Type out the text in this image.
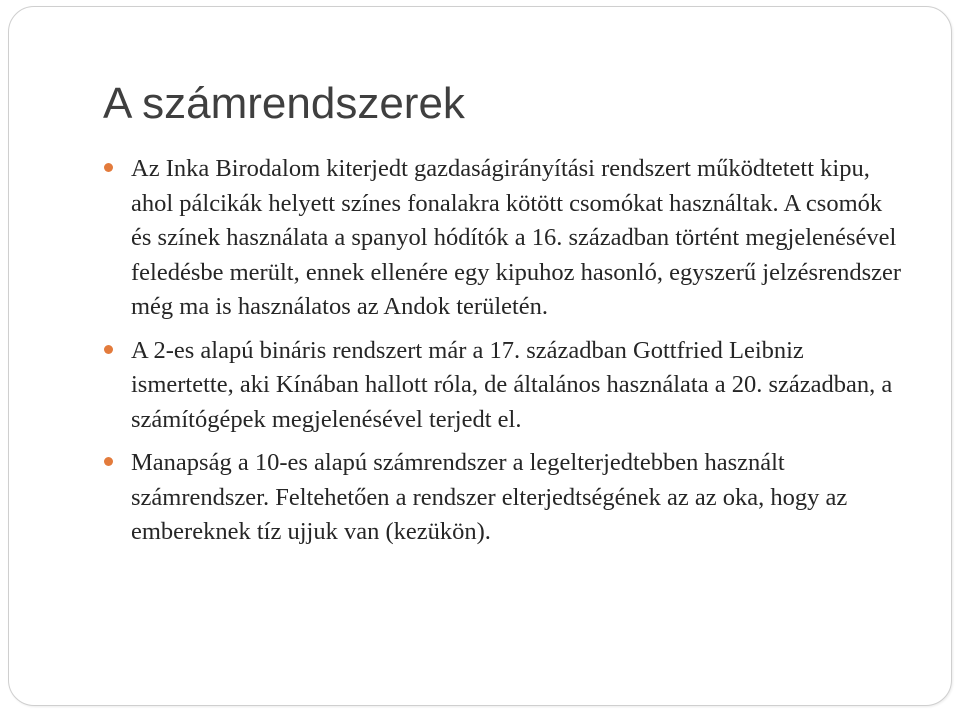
A számrendszerek
Az Inka Birodalom kiterjedt gazdaságirányítási rendszert működtetett kipu, ahol pálcikák helyett színes fonalakra kötött csomókat használtak. A csomók és színek használata a spanyol hódítók a 16. században történt megjelenésével feledésbe merült, ennek ellenére egy kipuhoz hasonló, egyszerű jelzésrendszer még ma is használatos az Andok területén.
A 2-es alapú bináris rendszert már a 17. században Gottfried Leibniz ismertette, aki Kínában hallott róla, de általános használata a 20. században, a számítógépek megjelenésével terjedt el.
Manapság a 10-es alapú számrendszer a legelterjedtebben használt számrendszer. Feltehetően a rendszer elterjedtségének az az oka, hogy az embereknek tíz ujjuk van (kezükön).
